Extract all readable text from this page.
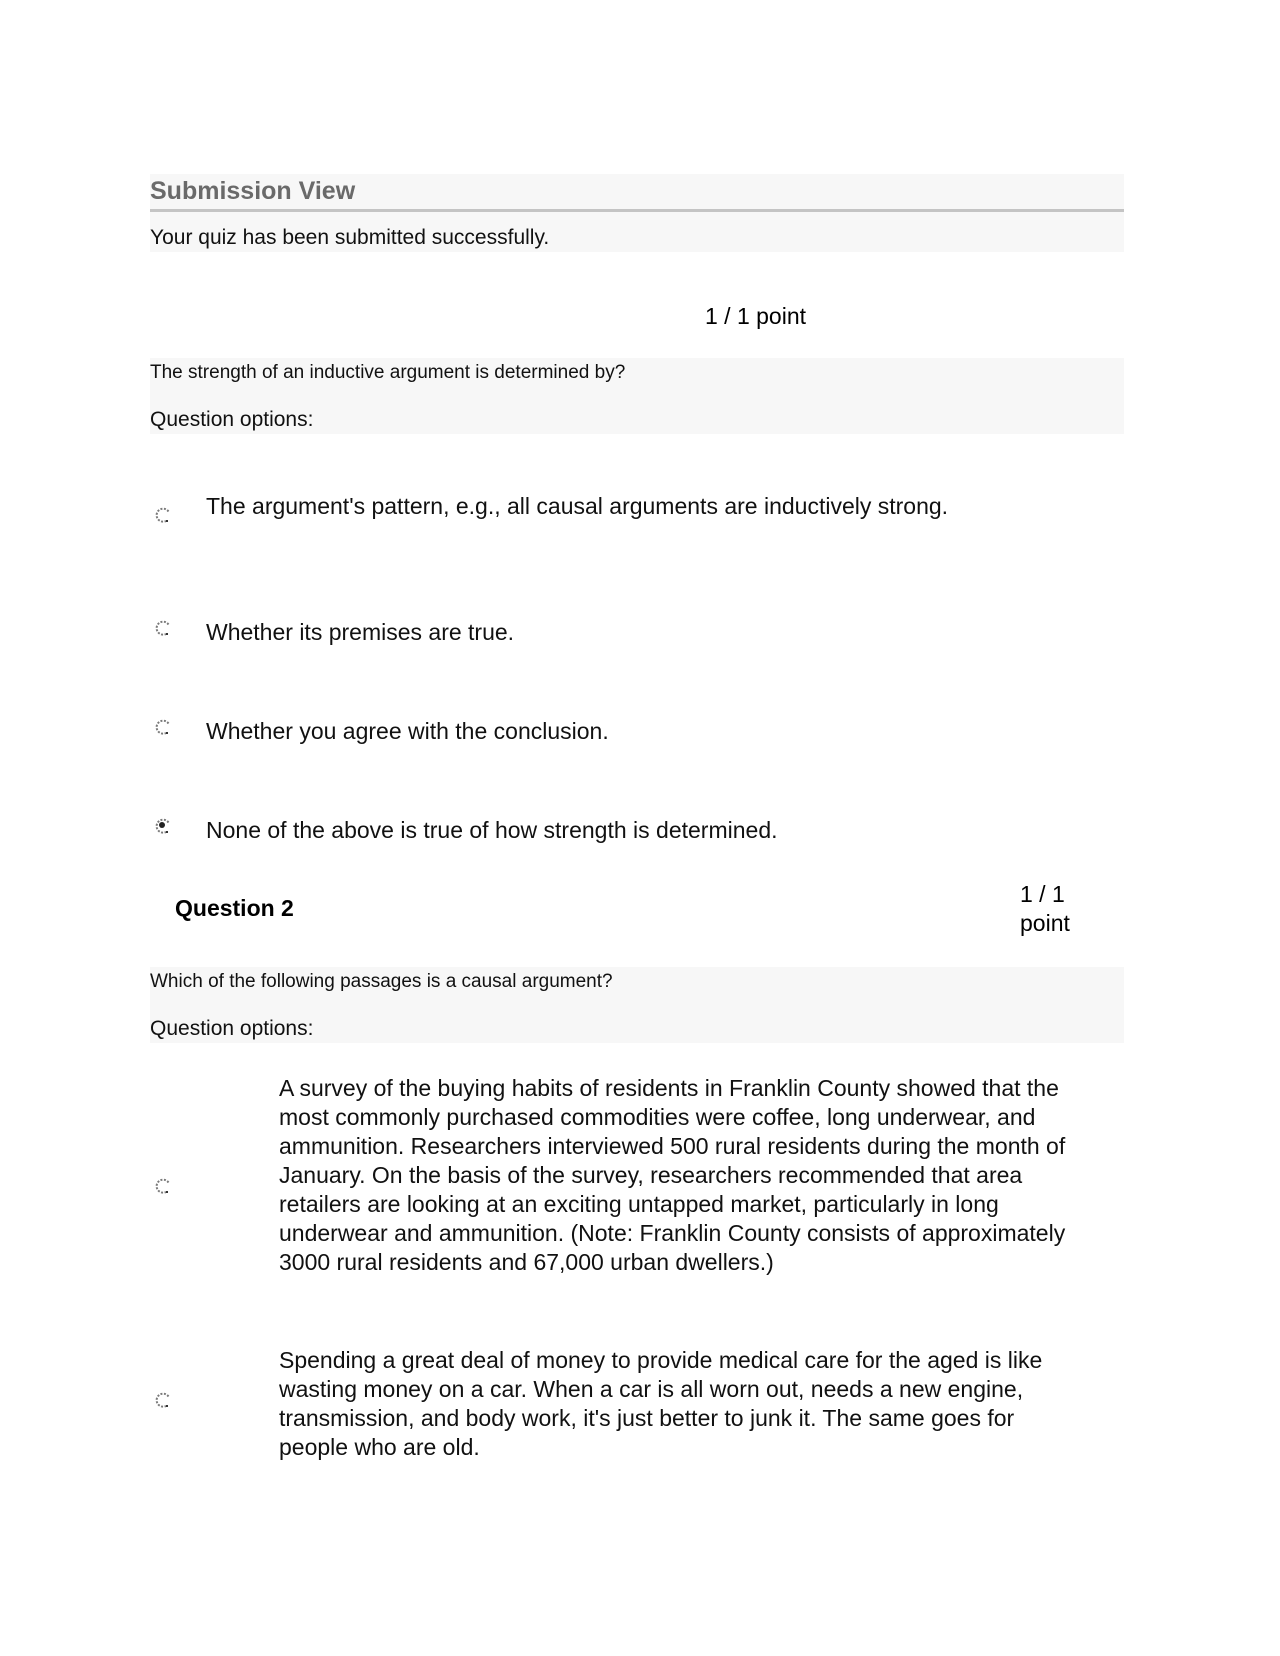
Submission View
Your quiz has been submitted successfully.
1 / 1 point
The strength of an inductive argument is determined by?
Question options:
The argument's pattern, e.g., all causal arguments are inductively strong.
Whether its premises are true.
Whether you agree with the conclusion.
None of the above is true of how strength is determined.
Question 2
1 / 1 point
Which of the following passages is a causal argument?
Question options:
A survey of the buying habits of residents in Franklin County showed that the most commonly purchased commodities were coffee, long underwear, and ammunition. Researchers interviewed 500 rural residents during the month of January. On the basis of the survey, researchers recommended that area retailers are looking at an exciting untapped market, particularly in long underwear and ammunition. (Note: Franklin County consists of approximately 3000 rural residents and 67,000 urban dwellers.)
Spending a great deal of money to provide medical care for the aged is like wasting money on a car. When a car is all worn out, needs a new engine, transmission, and body work, it's just better to junk it. The same goes for people who are old.
